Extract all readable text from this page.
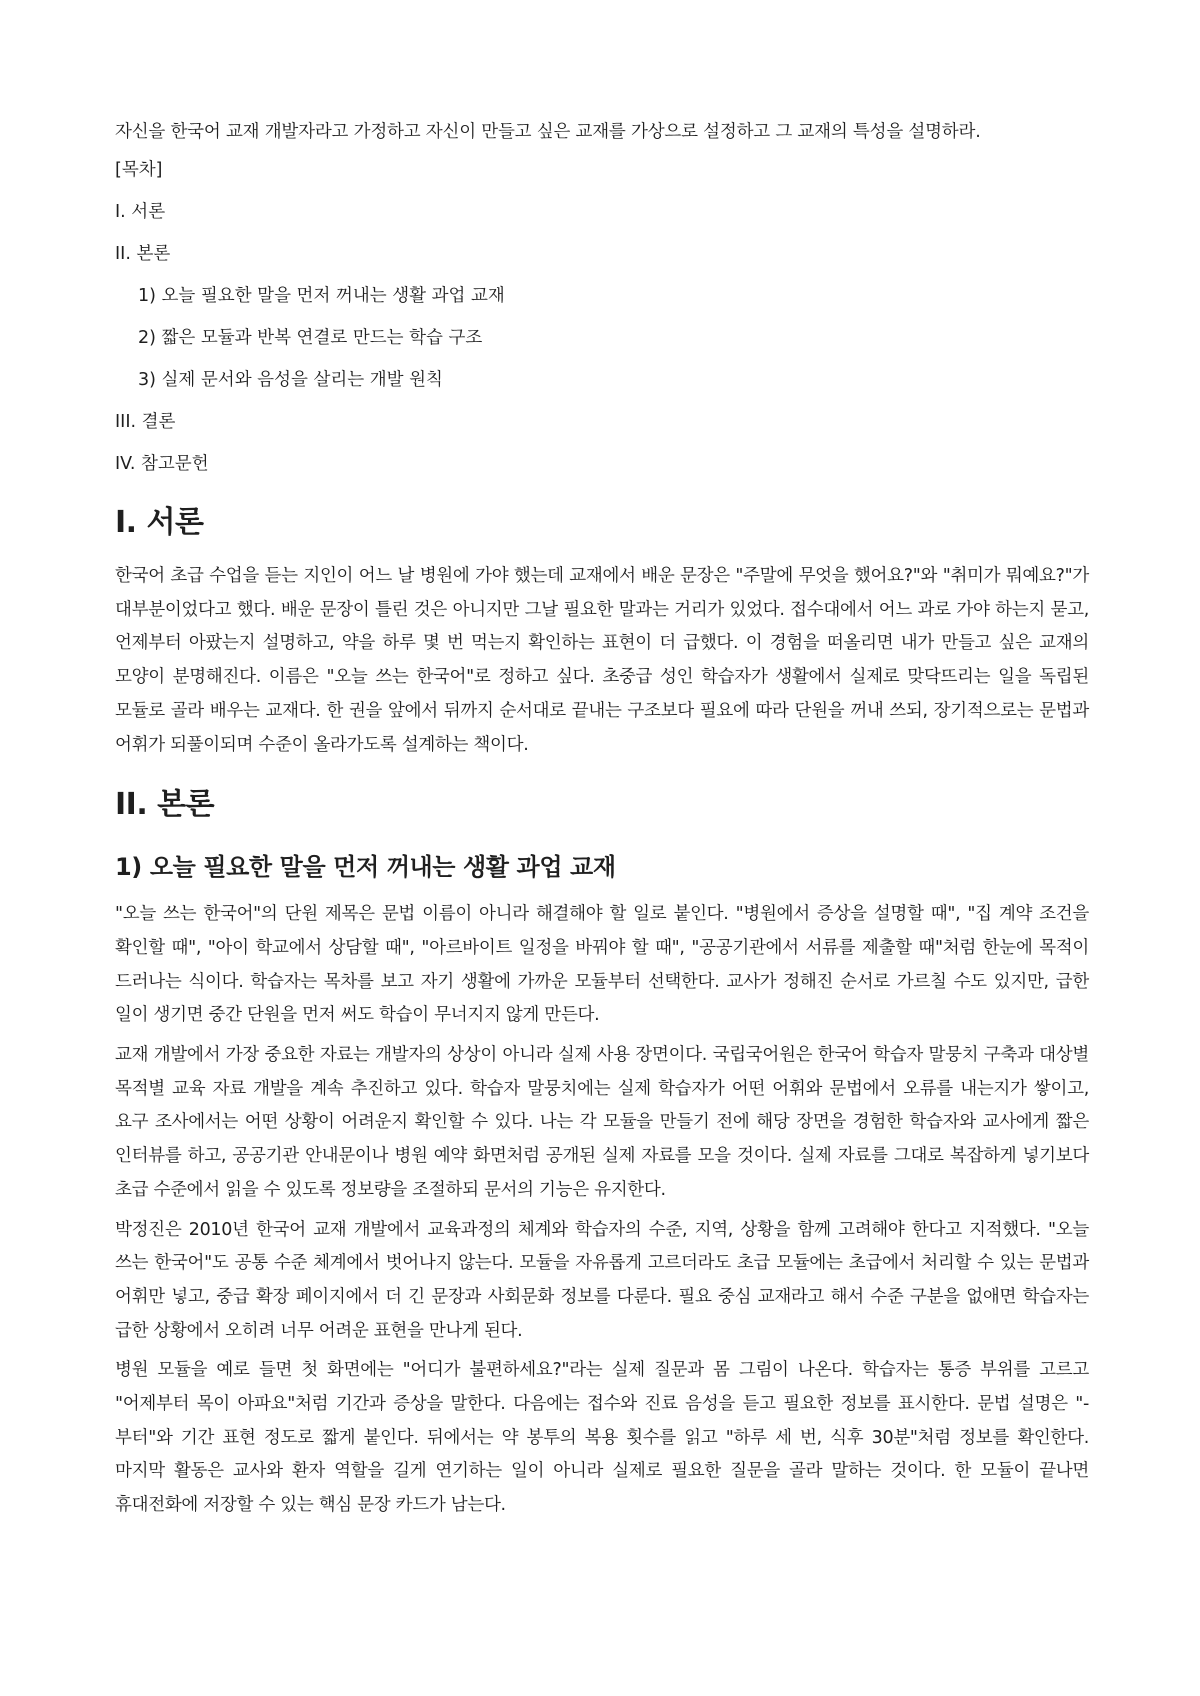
자신을 한국어 교재 개발자라고 가정하고 자신이 만들고 싶은 교재를 가상으로 설정하고 그 교재의 특성을 설명하라.

[목차]

I. 서론

II. 본론

1) 오늘 필요한 말을 먼저 꺼내는 생활 과업 교재

2) 짧은 모듈과 반복 연결로 만드는 학습 구조

3) 실제 문서와 음성을 살리는 개발 원칙

III. 결론

IV. 참고문헌

I. 서론

한국어 초급 수업을 듣는 지인이 어느 날 병원에 가야 했는데 교재에서 배운 문장은 "주말에 무엇을 했어요?"와 "취미가 뭐예요?"가 대부분이었다고 했다. 배운 문장이 틀린 것은 아니지만 그날 필요한 말과는 거리가 있었다. 접수대에서 어느 과로 가야 하는지 묻고, 언제부터 아팠는지 설명하고, 약을 하루 몇 번 먹는지 확인하는 표현이 더 급했다. 이 경험을 떠올리면 내가 만들고 싶은 교재의 모양이 분명해진다. 이름은 "오늘 쓰는 한국어"로 정하고 싶다. 초중급 성인 학습자가 생활에서 실제로 맞닥뜨리는 일을 독립된 모듈로 골라 배우는 교재다. 한 권을 앞에서 뒤까지 순서대로 끝내는 구조보다 필요에 따라 단원을 꺼내 쓰되, 장기적으로는 문법과 어휘가 되풀이되며 수준이 올라가도록 설계하는 책이다.

II. 본론
1) 오늘 필요한 말을 먼저 꺼내는 생활 과업 교재

"오늘 쓰는 한국어"의 단원 제목은 문법 이름이 아니라 해결해야 할 일로 붙인다. "병원에서 증상을 설명할 때", "집 계약 조건을 확인할 때", "아이 학교에서 상담할 때", "아르바이트 일정을 바꿔야 할 때", "공공기관에서 서류를 제출할 때"처럼 한눈에 목적이 드러나는 식이다. 학습자는 목차를 보고 자기 생활에 가까운 모듈부터 선택한다. 교사가 정해진 순서로 가르칠 수도 있지만, 급한 일이 생기면 중간 단원을 먼저 써도 학습이 무너지지 않게 만든다.

교재 개발에서 가장 중요한 자료는 개발자의 상상이 아니라 실제 사용 장면이다. 국립국어원은 한국어 학습자 말뭉치 구축과 대상별 목적별 교육 자료 개발을 계속 추진하고 있다. 학습자 말뭉치에는 실제 학습자가 어떤 어휘와 문법에서 오류를 내는지가 쌓이고, 요구 조사에서는 어떤 상황이 어려운지 확인할 수 있다. 나는 각 모듈을 만들기 전에 해당 장면을 경험한 학습자와 교사에게 짧은 인터뷰를 하고, 공공기관 안내문이나 병원 예약 화면처럼 공개된 실제 자료를 모을 것이다. 실제 자료를 그대로 복잡하게 넣기보다 초급 수준에서 읽을 수 있도록 정보량을 조절하되 문서의 기능은 유지한다.

박정진은 2010년 한국어 교재 개발에서 교육과정의 체계와 학습자의 수준, 지역, 상황을 함께 고려해야 한다고 지적했다. "오늘 쓰는 한국어"도 공통 수준 체계에서 벗어나지 않는다. 모듈을 자유롭게 고르더라도 초급 모듈에는 초급에서 처리할 수 있는 문법과 어휘만 넣고, 중급 확장 페이지에서 더 긴 문장과 사회문화 정보를 다룬다. 필요 중심 교재라고 해서 수준 구분을 없애면 학습자는 급한 상황에서 오히려 너무 어려운 표현을 만나게 된다.

병원 모듈을 예로 들면 첫 화면에는 "어디가 불편하세요?"라는 실제 질문과 몸 그림이 나온다. 학습자는 통증 부위를 고르고 "어제부터 목이 아파요"처럼 기간과 증상을 말한다. 다음에는 접수와 진료 음성을 듣고 필요한 정보를 표시한다. 문법 설명은 "-부터"와 기간 표현 정도로 짧게 붙인다. 뒤에서는 약 봉투의 복용 횟수를 읽고 "하루 세 번, 식후 30분"처럼 정보를 확인한다. 마지막 활동은 교사와 환자 역할을 길게 연기하는 일이 아니라 실제로 필요한 질문을 골라 말하는 것이다. 한 모듈이 끝나면 휴대전화에 저장할 수 있는 핵심 문장 카드가 남는다.
